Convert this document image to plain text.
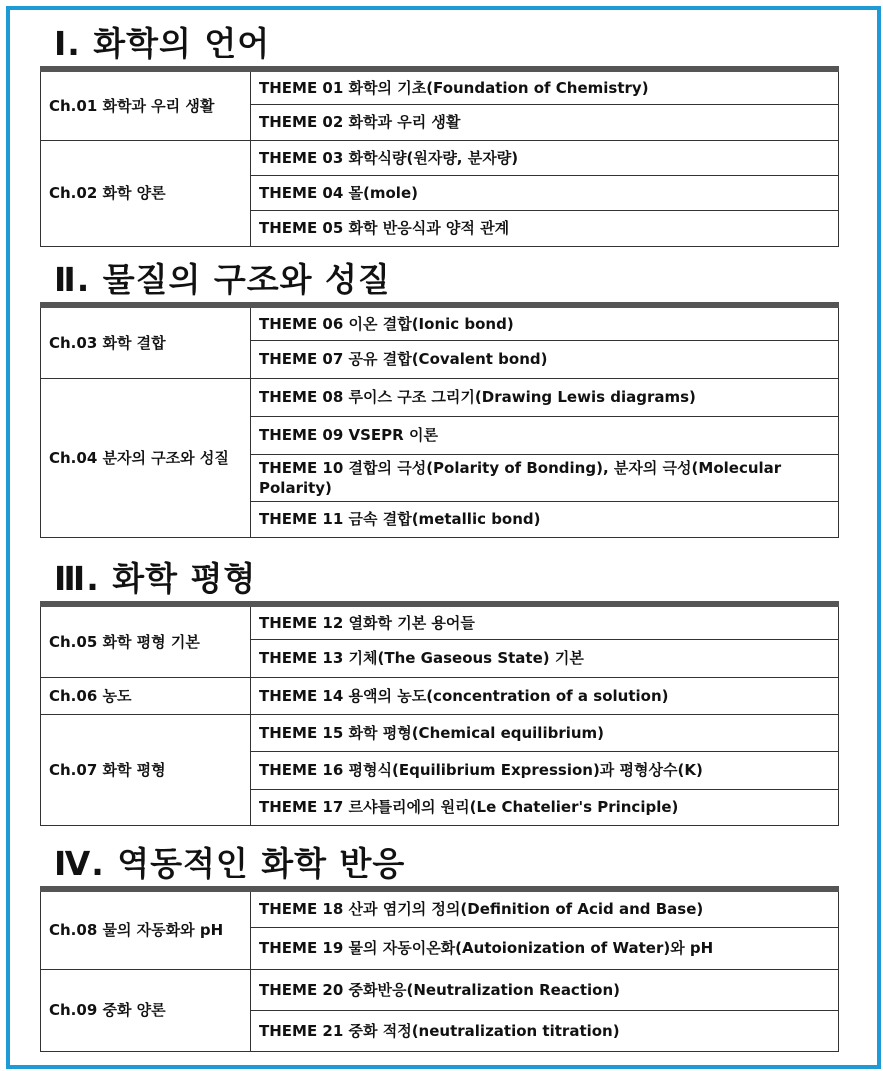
Ⅰ. 화학의 언어
Ch.01 화학과 우리 생활	THEME 01 화학의 기초(Foundation of Chemistry)
	THEME 02 화학과 우리 생활
Ch.02 화학 양론	THEME 03 화학식량(원자량, 분자량)
	THEME 04 몰(mole)
	THEME 05 화학 반응식과 양적 관계
Ⅱ. 물질의 구조와 성질
Ch.03 화학 결합	THEME 06 이온 결합(Ionic bond)
	THEME 07 공유 결합(Covalent bond)
Ch.04 분자의 구조와 성질	THEME 08 루이스 구조 그리기(Drawing Lewis diagrams)
	THEME 09 VSEPR 이론
	THEME 10 결합의 극성(Polarity of Bonding), 분자의 극성(Molecular Polarity)
	THEME 11 금속 결합(metallic bond)
Ⅲ. 화학 평형
Ch.05 화학 평형 기본	THEME 12 열화학 기본 용어들
	THEME 13 기체(The Gaseous State) 기본
Ch.06 농도	THEME 14 용액의 농도(concentration of a solution)
Ch.07 화학 평형	THEME 15 화학 평형(Chemical equilibrium)
	THEME 16 평형식(Equilibrium Expression)과 평형상수(K)
	THEME 17 르샤틀리에의 원리(Le Chatelier's Principle)
Ⅳ. 역동적인 화학 반응
Ch.08 물의 자동화와 pH	THEME 18 산과 염기의 정의(Definition of Acid and Base)
	THEME 19 물의 자동이온화(Autoionization of Water)와 pH
Ch.09 중화 양론	THEME 20 중화반응(Neutralization Reaction)
	THEME 21 중화 적정(neutralization titration)
